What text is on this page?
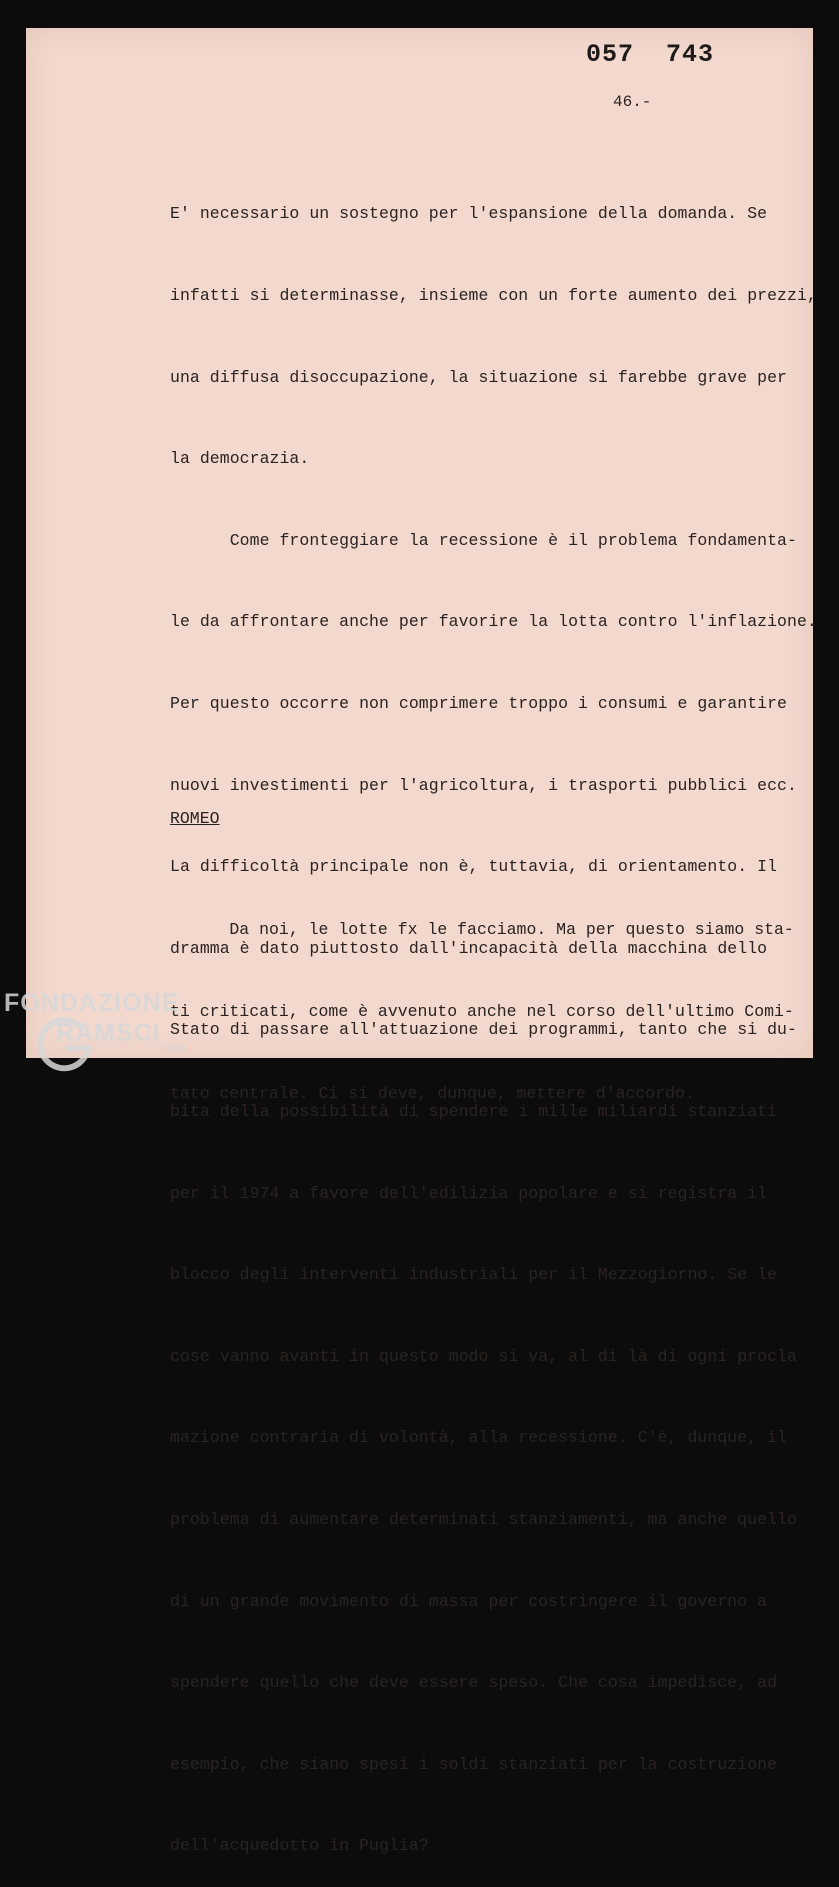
057  743
46.-

E' necessario un sostegno per l'espansione della domanda. Se

infatti si determinasse, insieme con un forte aumento dei prezzi,

una diffusa disoccupazione, la situazione si farebbe grave per

la democrazia.

Come fronteggiare la recessione è il problema fondamenta-

le da affrontare anche per favorire la lotta contro l'inflazione.

Per questo occorre non comprimere troppo i consumi e garantire

nuovi investimenti per l'agricoltura, i trasporti pubblici ecc.

La difficoltà principale non è, tuttavia, di orientamento. Il

dramma è dato piuttosto dall'incapacità della macchina dello

Stato di passare all'attuazione dei programmi, tanto che si du-

bita della possibilità di spendere i mille miliardi stanziati

per il 1974 a favore dell'edilizia popolare e si registra il

blocco degli interventi industriali per il Mezzogiorno. Se le

cose vanno avanti in questo modo si va, al di là di ogni procla

mazione contraria di volontà, alla recessione. C'è, dunque, il

problema di aumentare determinati stanziamenti, ma anche quello

di un grande movimento di massa per costringere il governo a

spendere quello che deve essere speso. Che cosa impedisce, ad

esempio, che siano spesi i soldi stanziati per la costruzione

dell'acquedotto in Puglia?

ROMEO

Da noi, le lotte fx le facciamo. Ma per questo siamo sta-

ti criticati, come è avvenuto anche nel corso dell'ultimo Comi-

tato centrale. Ci si deve, dunque, mettere d'accordo.

FONDAZIONE
$RAMSCI_{onlus}$
